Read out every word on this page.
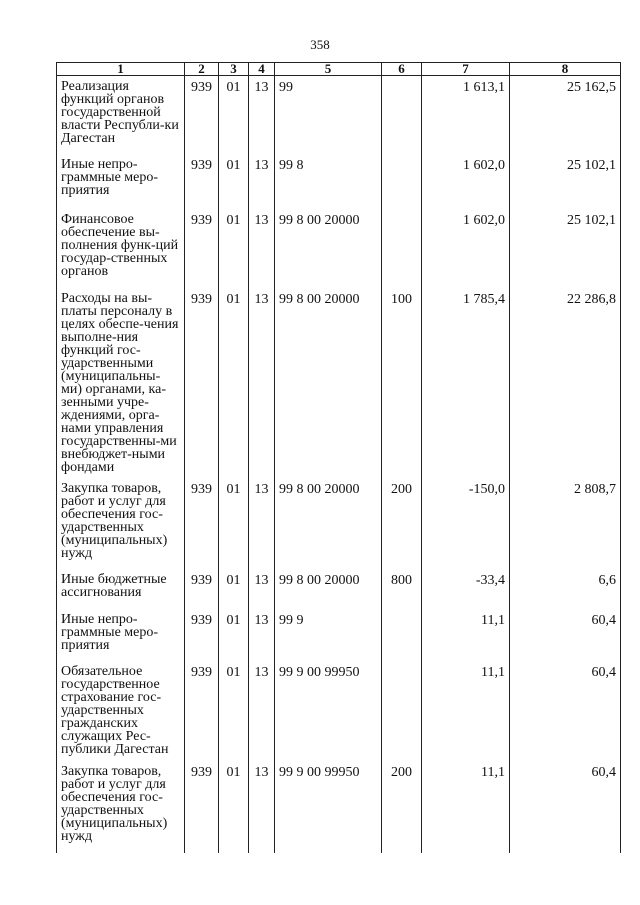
358
1	2	3	4	5	6	7	8
Реализация функций органов государственной власти Республи-ки Дагестан	939	01	13	99		1 613,1	25 162,5
Иные непро-граммные меро-приятия	939	01	13	99 8		1 602,0	25 102,1
Финансовое обеспечение вы-полнения функ-ций государ-ственных органов	939	01	13	99 8 00 20000		1 602,0	25 102,1
Расходы на вы-платы персоналу в целях обеспе-чения выполне-ния функций гос-ударственными (муниципальны-ми) органами, ка-зенными учре-ждениями, орга-нами управления государственны-ми внебюджет-ными фондами	939	01	13	99 8 00 20000	100	1 785,4	22 286,8
Закупка товаров, работ и услуг для обеспечения гос-ударственных (муниципальных) нужд	939	01	13	99 8 00 20000	200	-150,0	2 808,7
Иные бюджетные ассигнования	939	01	13	99 8 00 20000	800	-33,4	6,6
Иные непро-граммные меро-приятия	939	01	13	99 9		11,1	60,4
Обязательное государственное страхование гос-ударственных гражданских служащих Рес-публики Дагестан	939	01	13	99 9 00 99950		11,1	60,4
Закупка товаров, работ и услуг для обеспечения гос-ударственных (муниципальных) нужд	939	01	13	99 9 00 99950	200	11,1	60,4
